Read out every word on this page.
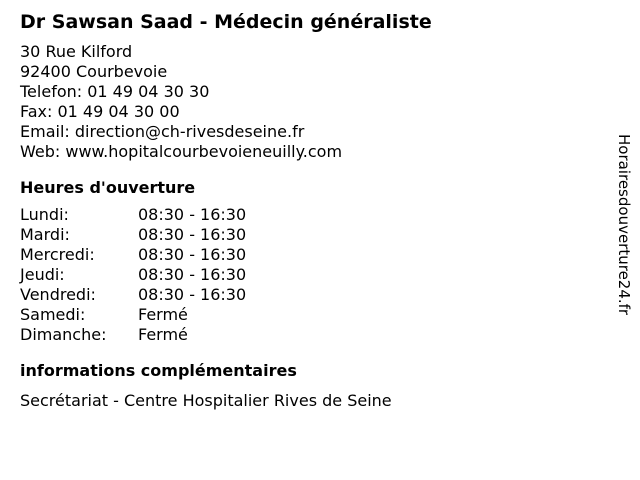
Dr Sawsan Saad - Médecin généraliste
30 Rue Kilford
92400 Courbevoie
Telefon: 01 49 04 30 30
Fax: 01 49 04 30 00
Email: direction@ch-rivesdeseine.fr
Web: www.hopitalcourbevoieneuilly.com
Heures d'ouverture
Lundi:	08:30 - 16:30
Mardi:	08:30 - 16:30
Mercredi:	08:30 - 16:30
Jeudi:	08:30 - 16:30
Vendredi:	08:30 - 16:30
Samedi:	Fermé
Dimanche: Fermé
informations complémentaires
Secrétariat - Centre Hospitalier Rives de Seine
Horairesdouverture24.fr
